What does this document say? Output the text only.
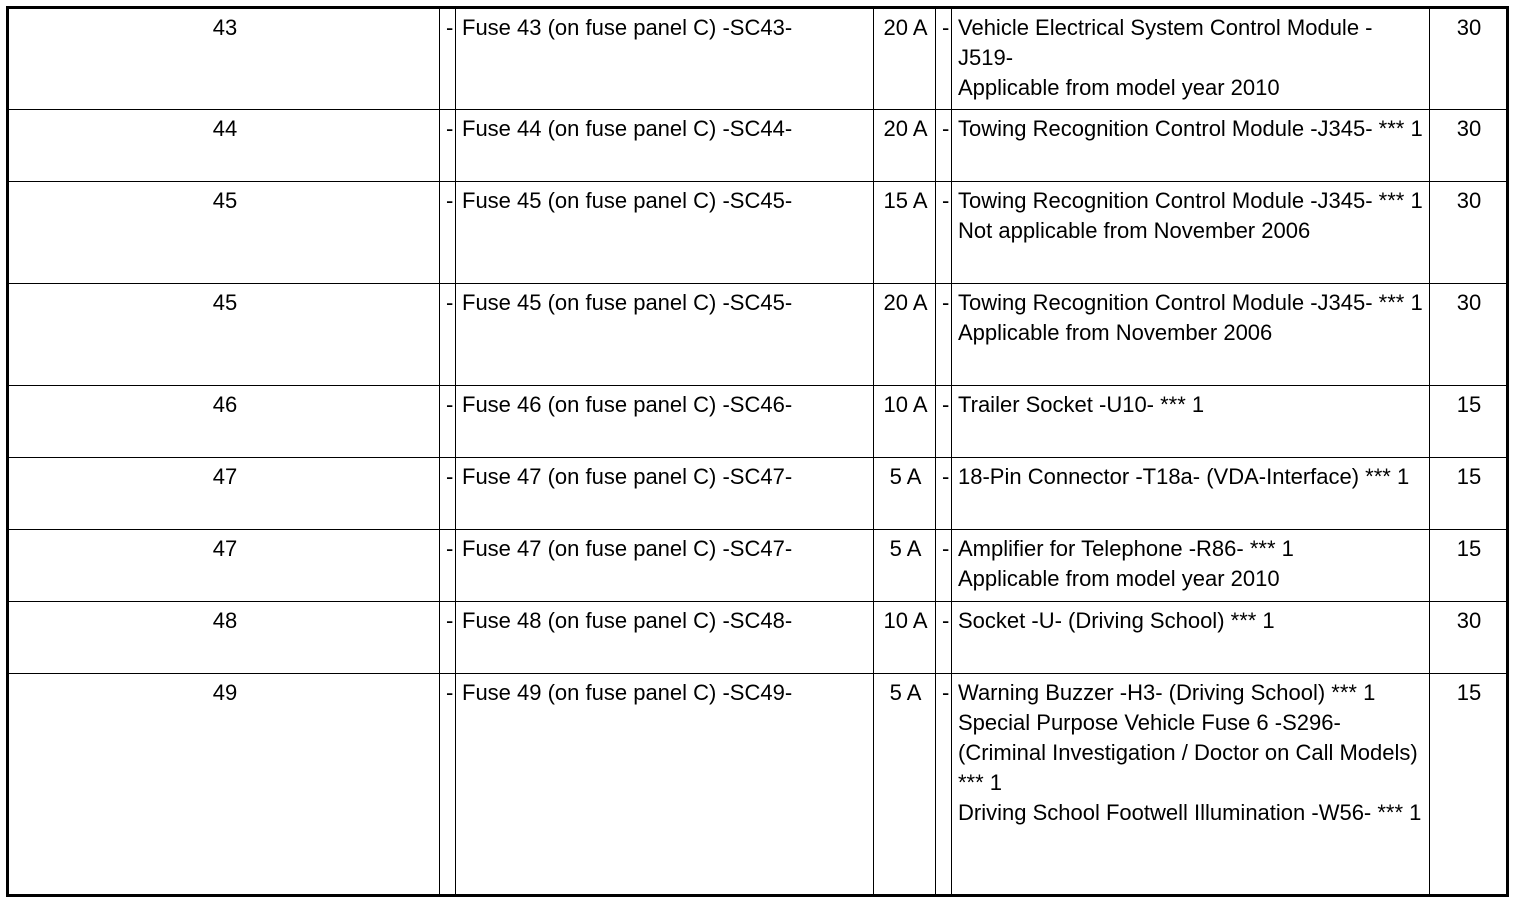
43	-	Fuse 43 (on fuse panel C) -SC43-	20 A	-	Vehicle Electrical System Control Module -J519-
Applicable from model year 2010	30
44	-	Fuse 44 (on fuse panel C) -SC44-	20 A	-	Towing Recognition Control Module -J345- *** 1	30
45	-	Fuse 45 (on fuse panel C) -SC45-	15 A	-	Towing Recognition Control Module -J345- *** 1
Not applicable from November 2006	30
45	-	Fuse 45 (on fuse panel C) -SC45-	20 A	-	Towing Recognition Control Module -J345- *** 1
Applicable from November 2006	30
46	-	Fuse 46 (on fuse panel C) -SC46-	10 A	-	Trailer Socket -U10- *** 1	15
47	-	Fuse 47 (on fuse panel C) -SC47-	5 A	-	18-Pin Connector -T18a- (VDA-Interface) *** 1	15
47	-	Fuse 47 (on fuse panel C) -SC47-	5 A	-	Amplifier for Telephone -R86- *** 1
Applicable from model year 2010	15
48	-	Fuse 48 (on fuse panel C) -SC48-	10 A	-	Socket -U- (Driving School) *** 1	30
49	-	Fuse 49 (on fuse panel C) -SC49-	5 A	-	Warning Buzzer -H3- (Driving School) *** 1
Special Purpose Vehicle Fuse 6 -S296- (Criminal Investigation / Doctor on Call Models) *** 1
Driving School Footwell Illumination -W56- *** 1	15
